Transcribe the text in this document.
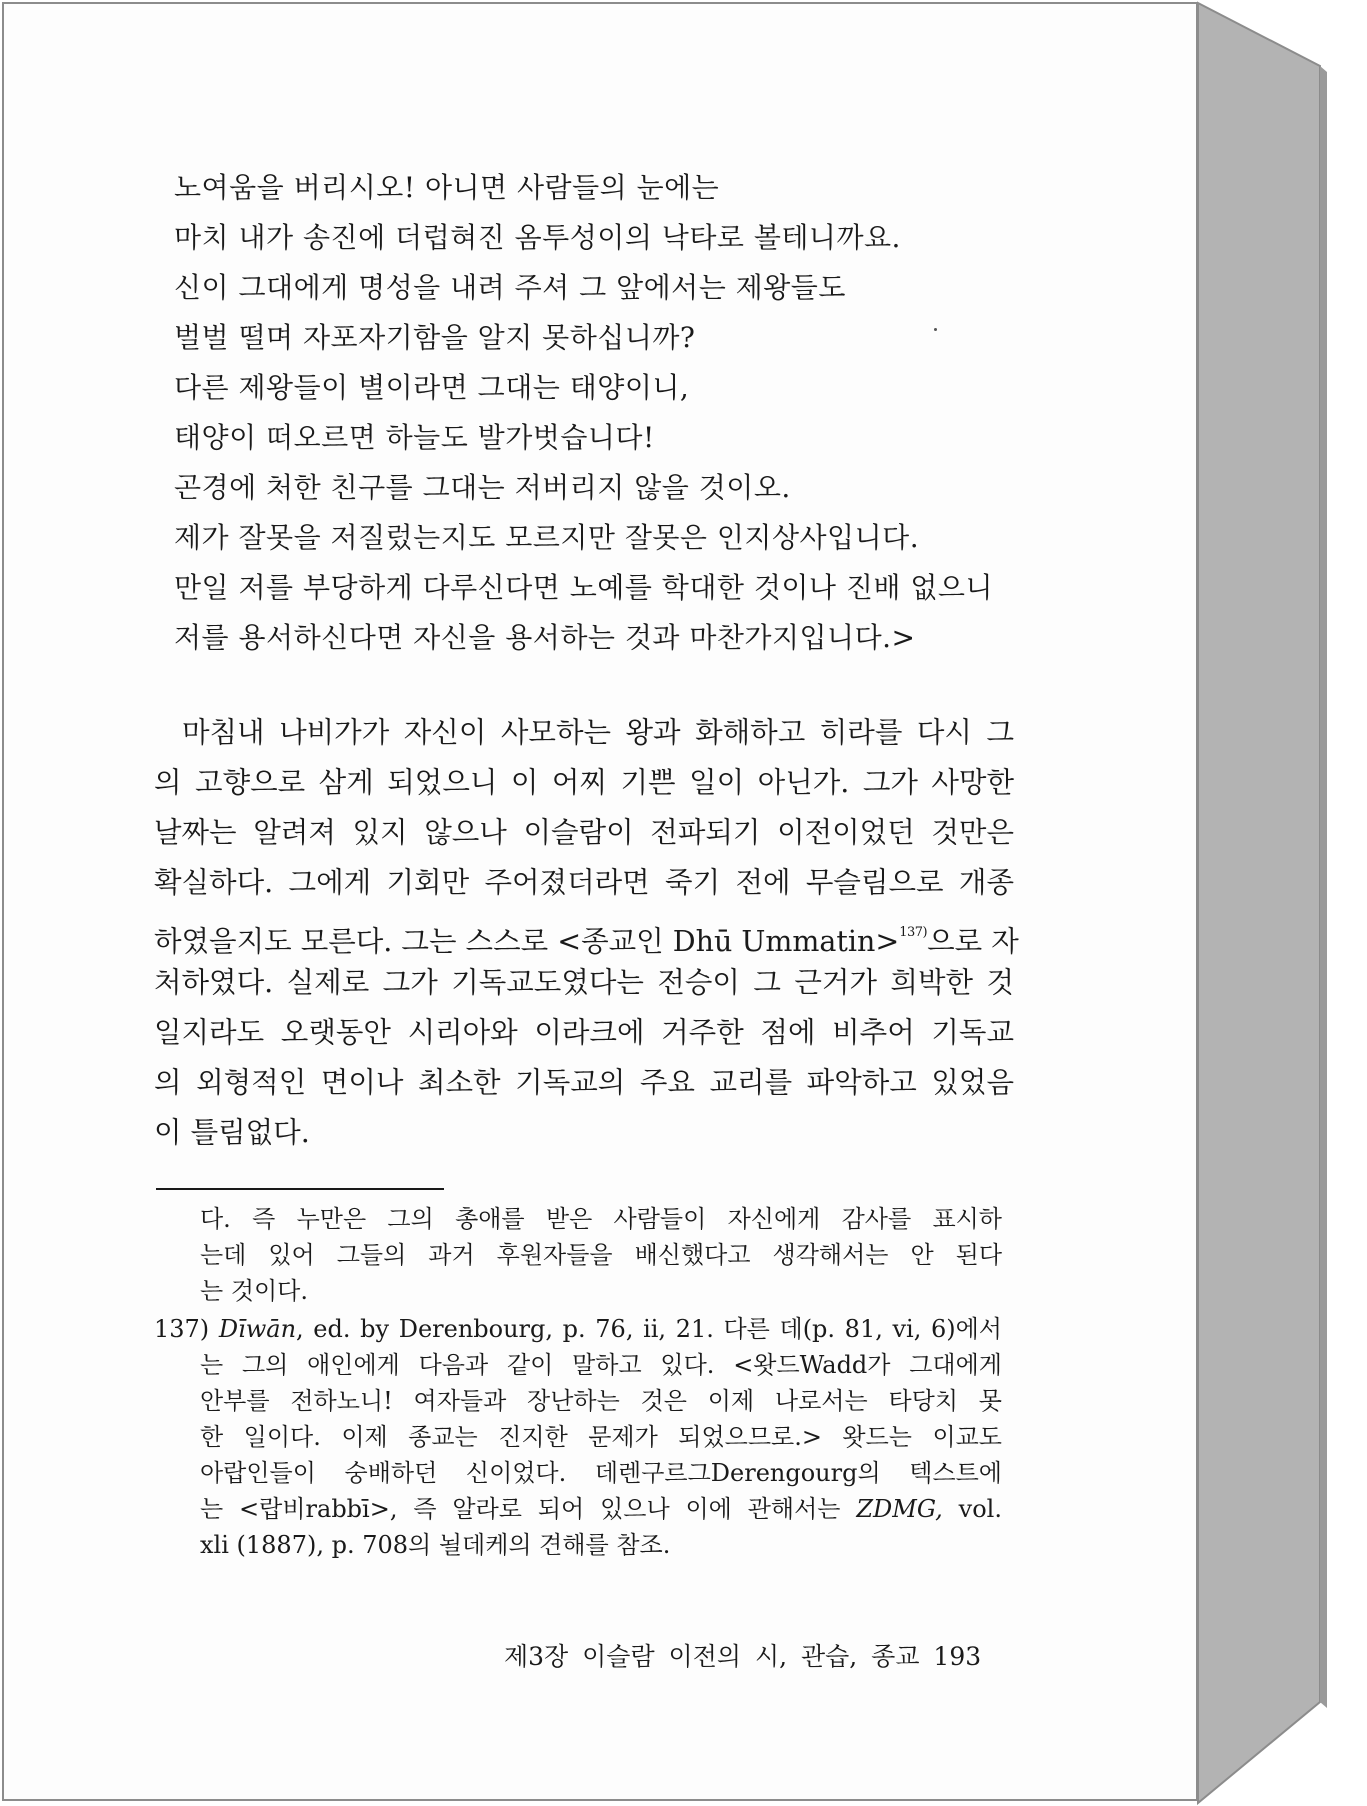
노여움을 버리시오! 아니면 사람들의 눈에는
마치 내가 송진에 더럽혀진 옴투성이의 낙타로 볼테니까요.
신이 그대에게 명성을 내려 주셔 그 앞에서는 제왕들도
벌벌 떨며 자포자기함을 알지 못하십니까?
다른 제왕들이 별이라면 그대는 태양이니,
태양이 떠오르면 하늘도 발가벗습니다!
곤경에 처한 친구를 그대는 저버리지 않을 것이오.
제가 잘못을 저질렀는지도 모르지만 잘못은 인지상사입니다.
만일 저를 부당하게 다루신다면 노예를 학대한 것이나 진배 없으니
저를 용서하신다면 자신을 용서하는 것과 마찬가지입니다.>
마침내 나비가가 자신이 사모하는 왕과 화해하고 히라를 다시 그
의 고향으로 삼게 되었으니 이 어찌 기쁜 일이 아닌가. 그가 사망한
날짜는 알려져 있지 않으나 이슬람이 전파되기 이전이었던 것만은
확실하다. 그에게 기회만 주어졌더라면 죽기 전에 무슬림으로 개종
하였을지도 모른다. 그는 스스로 <종교인 Dhū Ummatin>$^{137)}$으로 자
처하였다. 실제로 그가 기독교도였다는 전승이 그 근거가 희박한 것
일지라도 오랫동안 시리아와 이라크에 거주한 점에 비추어 기독교
의 외형적인 면이나 최소한 기독교의 주요 교리를 파악하고 있었음
이 틀림없다.
다. 즉 누만은 그의 총애를 받은 사람들이 자신에게 감사를 표시하
는데 있어 그들의 과거 후원자들을 배신했다고 생각해서는 안 된다
는 것이다.
137) Dīwān, ed. by Derenbourg, p. 76, ii, 21. 다른 데(p. 81, vi, 6)에서
는 그의 애인에게 다음과 같이 말하고 있다. <왓드Wadd가 그대에게
안부를 전하노니! 여자들과 장난하는 것은 이제 나로서는 타당치 못
한 일이다. 이제 종교는 진지한 문제가 되었으므로.> 왓드는 이교도
아랍인들이 숭배하던 신이었다. 데렌구르그Derengourg의 텍스트에
는 <랍비rabbī>, 즉 알라로 되어 있으나 이에 관해서는 ZDMG, vol.
xli (1887), p. 708의 뇔데케의 견해를 참조.
제3장 이슬람 이전의 시, 관습, 종교 193
